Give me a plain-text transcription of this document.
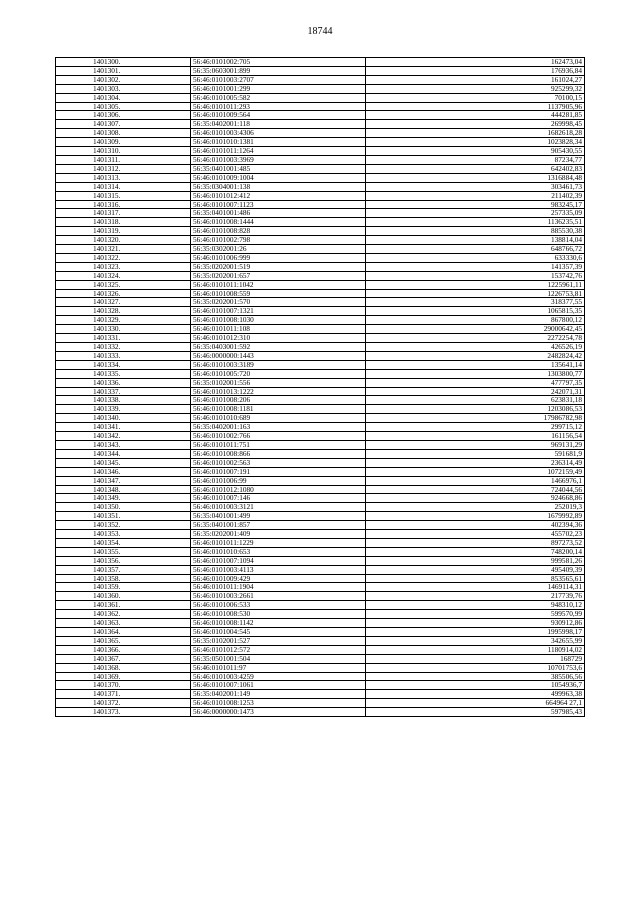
18744
1401300.	56:46:0101002:705	162473,04
1401301.	56:35:0603001:899	176936,84
1401302.	56:46:0101003:2707	161024,27
1401303.	56:46:0101001:299	925299,32
1401304.	56:46:0101005:582	70100,15
1401305.	56:46:0101011:293	1137905,96
1401306.	56:46:0101009:564	444281,85
1401307.	56:35:0402001:118	269998,45
1401308.	56:46:0101003:4306	1682618,28
1401309.	56:46:0101010:1381	1023828,34
1401310.	56:46:0101011:1264	905430,55
1401311.	56:46:0101003:3969	87234,77
1401312.	56:35:0401001:485	642402,83
1401313.	56:46:0101009:1004	1316884,48
1401314.	56:35:0304001:138	303461,73
1401315.	56:46:0101012:412	211402,39
1401316.	56:46:0101007:1123	983245,17
1401317.	56:35:0401001:486	257335,09
1401318.	56:46:0101008:1444	1136235,51
1401319.	56:46:0101008:828	885530,38
1401320.	56:46:0101002:798	138814,04
1401321.	56:35:0302001:26	648766,72
1401322.	56:46:0101006:999	633330,6
1401323.	56:35:0202001:519	141357,39
1401324.	56:35:0202001:657	153742,76
1401325.	56:46:0101011:1042	1225961,11
1401326.	56:46:0101008:559	1226753,81
1401327.	56:35:0202001:570	318377,55
1401328.	56:46:0101007:1321	1065815,35
1401329.	56:46:0101008:1030	867800,12
1401330.	56:46:0101011:108	29000642,45
1401331.	56:46:0101012:310	2272254,78
1401332.	56:35:0403001:592	426526,19
1401333.	56:46:0000000:1443	2482824,42
1401334.	56:46:0101003:3189	135641,14
1401335.	56:46:0101005:720	1303800,77
1401336.	56:35:0102001:556	477797,35
1401337.	56:46:0101013:1222	242071,31
1401338.	56:46:0101008:206	623831,18
1401339.	56:46:0101008:1181	1203086,53
1401340.	56:46:0101010:689	17986782,98
1401341.	56:35:0402001:163	299715,12
1401342.	56:46:0101002:766	161156,54
1401343.	56:46:0101011:751	969131,29
1401344.	56:46:0101008:866	591681,9
1401345.	56:46:0101002:563	236314,49
1401346.	56:46:0101007:191	1072159,49
1401347.	56:46:0101006:99	1466976,1
1401348.	56:46:0101012:1080	724044,56
1401349.	56:46:0101007:146	924668,86
1401350.	56:46:0101003:3121	252019,3
1401351.	56:35:0401001:499	1679992,89
1401352.	56:35:0401001:857	402394,36
1401353.	56:35:0202001:409	455702,23
1401354.	56:46:0101011:1229	897273,52
1401355.	56:46:0101010:653	748200,14
1401356.	56:46:0101007:1094	999581,26
1401357.	56:46:0101003:4113	495409,39
1401358.	56:46:0101009:429	853565,61
1401359.	56:46:0101011:1904	1469114,31
1401360.	56:46:0101003:2661	217739,76
1401361.	56:46:0101006:533	948310,12
1401362.	56:46:0101008:530	599570,99
1401363.	56:46:0101008:1142	930912,86
1401364.	56:46:0101004:545	1995998,17
1401365.	56:35:0102001:527	342655,99
1401366.	56:46:0101012:572	1180914,02
1401367.	56:35:0501001:504	168729
1401368.	56:46:0101011:97	10701753,6
1401369.	56:46:0101003:4259	385506,56
1401370.	56:46:0101007:1061	1054936,7
1401371.	56:35:0402001:149	499963,38
1401372.	56:46:0101008:1253	664964 27,1
1401373.	56:46:0000000:1473	597985,43
